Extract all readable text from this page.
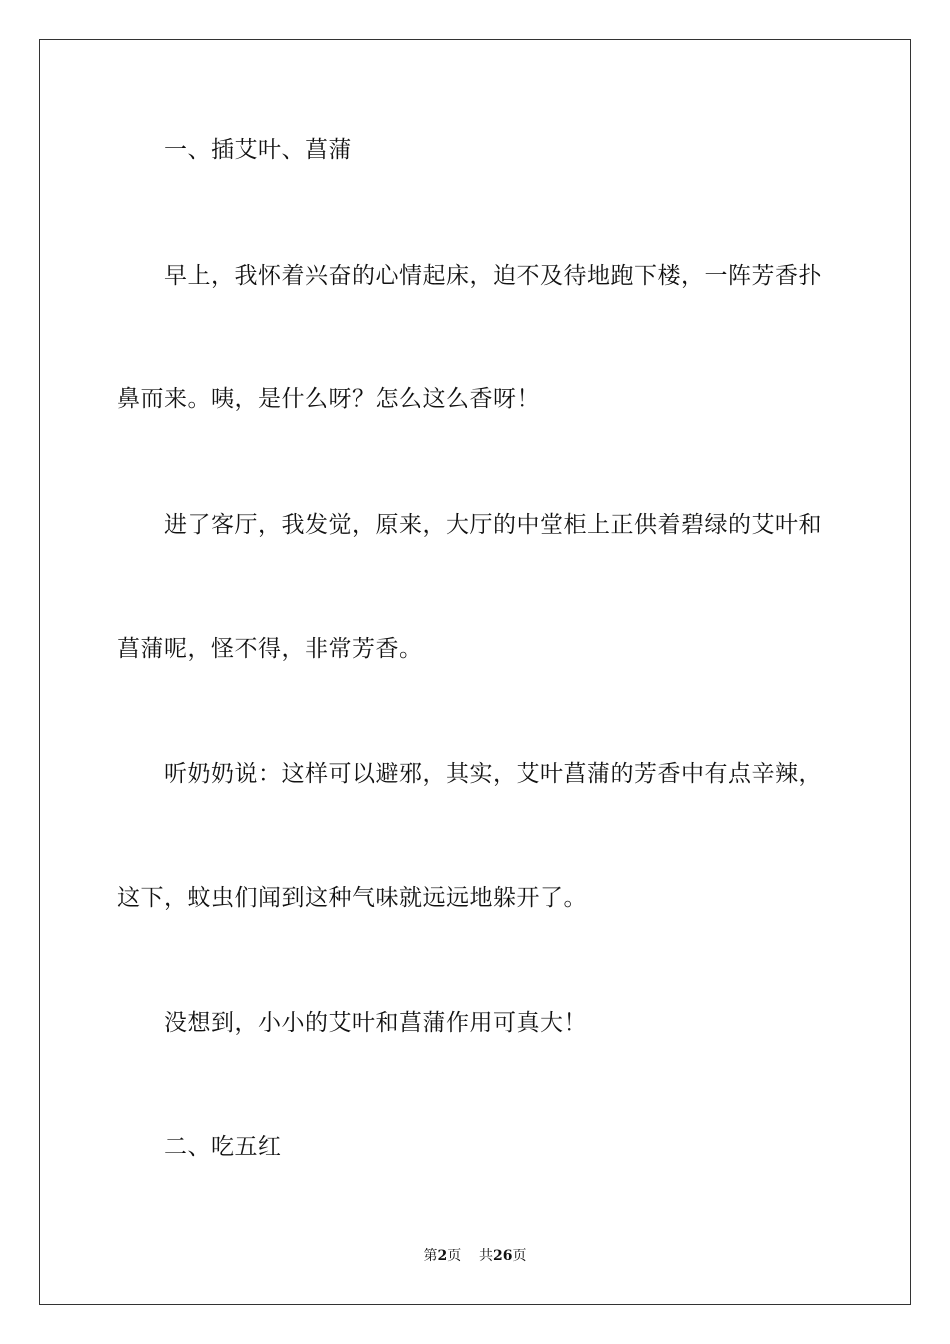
一、插艾叶、菖蒲
早上，我怀着兴奋的心情起床，迫不及待地跑下楼，一阵芳香扑
鼻而来。咦，是什么呀？怎么这么香呀！
进了客厅，我发觉，原来，大厅的中堂柜上正供着碧绿的艾叶和
菖蒲呢，怪不得，非常芳香。
听奶奶说：这样可以避邪，其实，艾叶菖蒲的芳香中有点辛辣，
这下，蚊虫们闻到这种气味就远远地躲开了。
没想到，小小的艾叶和菖蒲作用可真大！
二、吃五红
第2页 共26页
